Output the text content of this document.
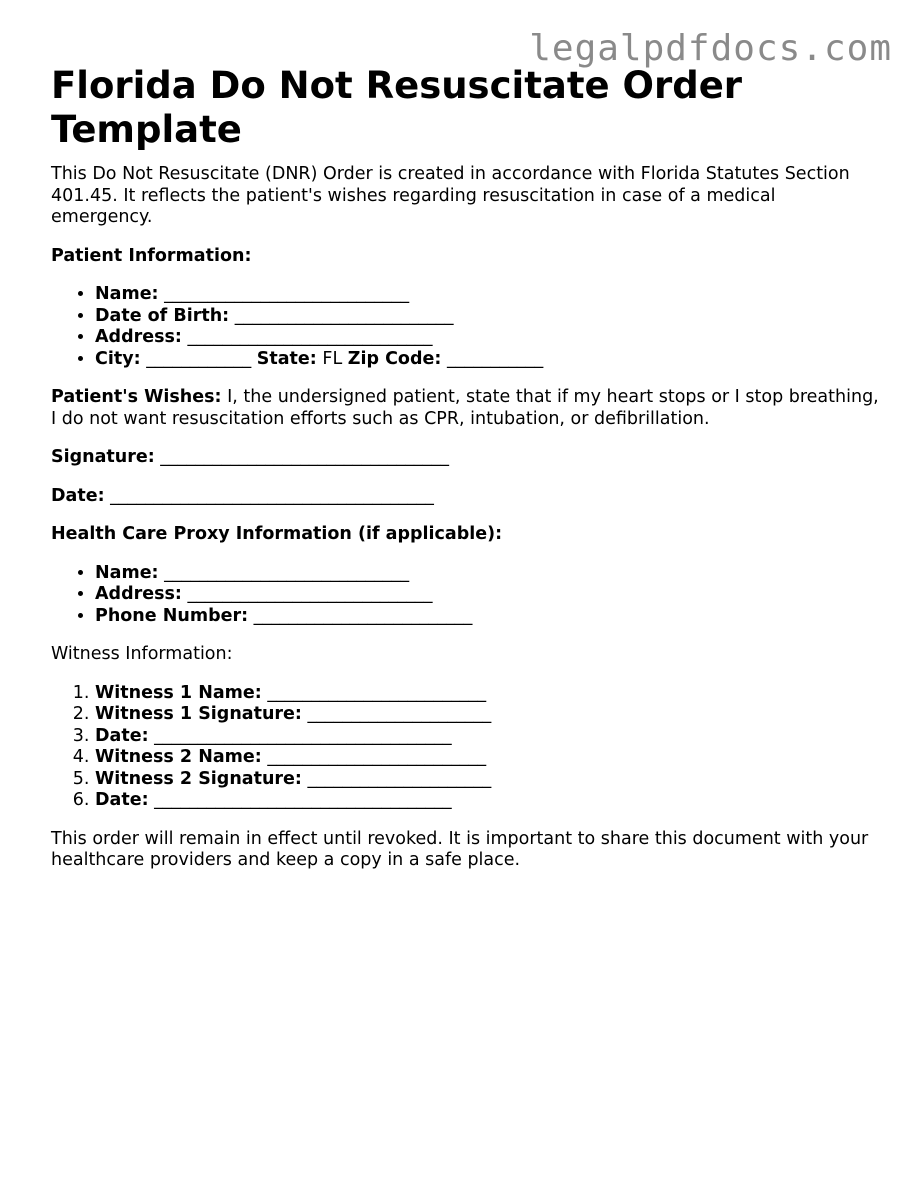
legalpdfdocs.com
Florida Do Not Resuscitate Order Template

This Do Not Resuscitate (DNR) Order is created in accordance with Florida Statutes Section 401.45. It reflects the patient's wishes regarding resuscitation in case of a medical emergency.

Patient Information:

• Name: ____________________________
• Date of Birth: _________________________
• Address: ____________________________
• City: ____________ State: FL Zip Code: ___________

Patient's Wishes: I, the undersigned patient, state that if my heart stops or I stop breathing, I do not want resuscitation efforts such as CPR, intubation, or defibrillation.

Signature: _________________________________

Date: _____________________________________

Health Care Proxy Information (if applicable):

• Name: ____________________________
• Address: ____________________________
• Phone Number: _________________________

Witness Information:

1. Witness 1 Name: _________________________
2. Witness 1 Signature: _____________________
3. Date: __________________________________
4. Witness 2 Name: _________________________
5. Witness 2 Signature: _____________________
6. Date: __________________________________

This order will remain in effect until revoked. It is important to share this document with your healthcare providers and keep a copy in a safe place.
